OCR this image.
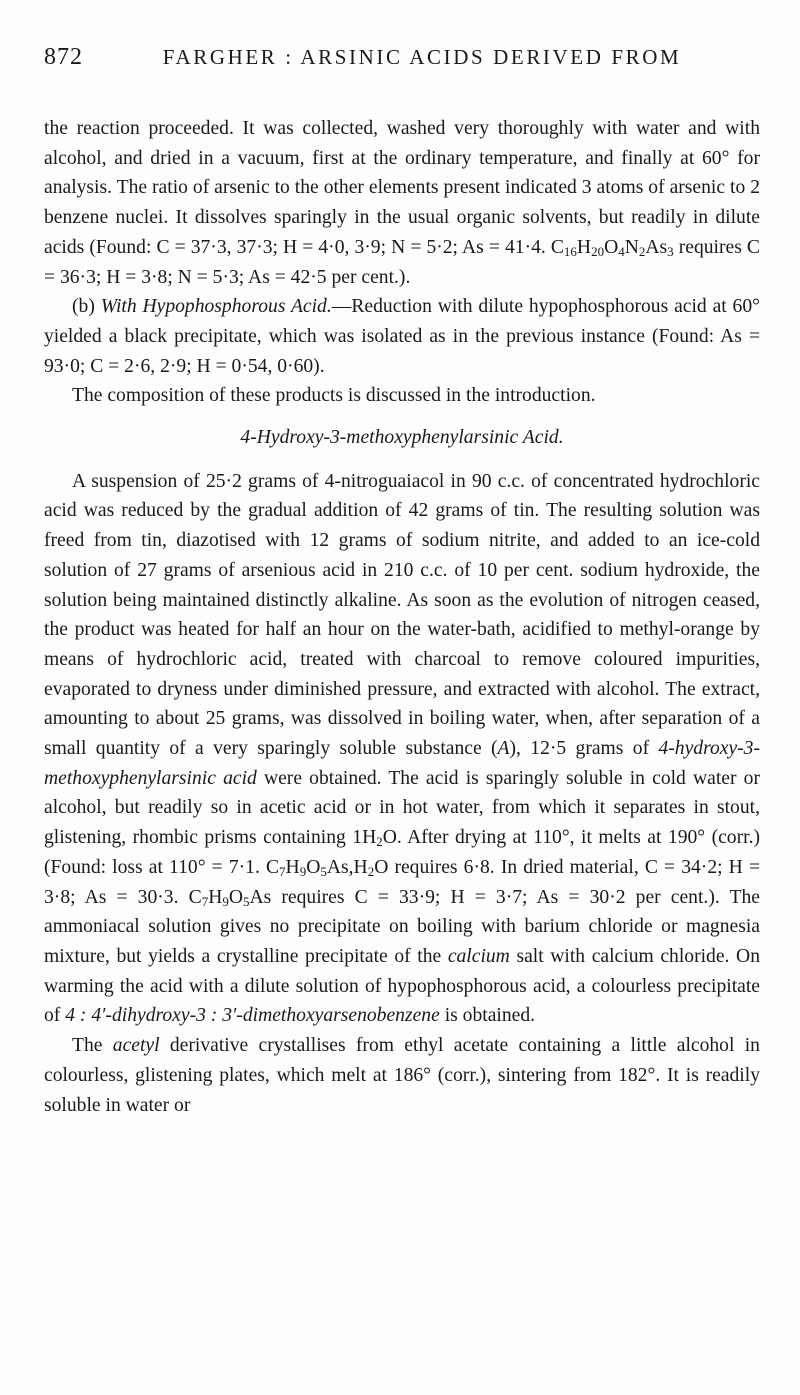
872	FARGHER : ARSINIC ACIDS DERIVED FROM

the reaction proceeded. It was collected, washed very thoroughly with water and with alcohol, and dried in a vacuum, first at the ordinary temperature, and finally at 60° for analysis. The ratio of arsenic to the other elements present indicated 3 atoms of arsenic to 2 benzene nuclei. It dissolves sparingly in the usual organic solvents, but readily in dilute acids (Found: C = 37·3, 37·3; H = 4·0, 3·9; N = 5·2; As = 41·4. $C_{16}H_{20}O_4N_2As_3$ requires C = 36·3; H = 3·8; N = 5·3; As = 42·5 per cent.).

(b) With Hypophosphorous Acid.—Reduction with dilute hypophosphorous acid at 60° yielded a black precipitate, which was isolated as in the previous instance (Found: As = 93·0; C = 2·6, 2·9; H = 0·54, 0·60).

The composition of these products is discussed in the introduction.

4-Hydroxy-3-methoxyphenylarsinic Acid.

A suspension of 25·2 grams of 4-nitroguaiacol in 90 c.c. of concentrated hydrochloric acid was reduced by the gradual addition of 42 grams of tin. The resulting solution was freed from tin, diazotised with 12 grams of sodium nitrite, and added to an ice-cold solution of 27 grams of arsenious acid in 210 c.c. of 10 per cent. sodium hydroxide, the solution being maintained distinctly alkaline. As soon as the evolution of nitrogen ceased, the product was heated for half an hour on the water-bath, acidified to methyl-orange by means of hydrochloric acid, treated with charcoal to remove coloured impurities, evaporated to dryness under diminished pressure, and extracted with alcohol. The extract, amounting to about 25 grams, was dissolved in boiling water, when, after separation of a small quantity of a very sparingly soluble substance (A), 12·5 grams of 4-hydroxy-3-methoxyphenylarsinic acid were obtained. The acid is sparingly soluble in cold water or alcohol, but readily so in acetic acid or in hot water, from which it separates in stout, glistening, rhombic prisms containing $1H_2O$. After drying at 110°, it melts at 190° (corr.) (Found: loss at 110° = 7·1. $C_7H_9O_5As,H_2O$ requires 6·8. In dried material, C = 34·2; H = 3·8; As = 30·3. $C_7H_9O_5As$ requires C = 33·9; H = 3·7; As = 30·2 per cent.). The ammoniacal solution gives no precipitate on boiling with barium chloride or magnesia mixture, but yields a crystalline precipitate of the calcium salt with calcium chloride. On warming the acid with a dilute solution of hypophosphorous acid, a colourless precipitate of 4 : 4′-dihydroxy-3 : 3′-dimethoxyarsenobenzene is obtained.

The acetyl derivative crystallises from ethyl acetate containing a little alcohol in colourless, glistening plates, which melt at 186° (corr.), sintering from 182°. It is readily soluble in water or
